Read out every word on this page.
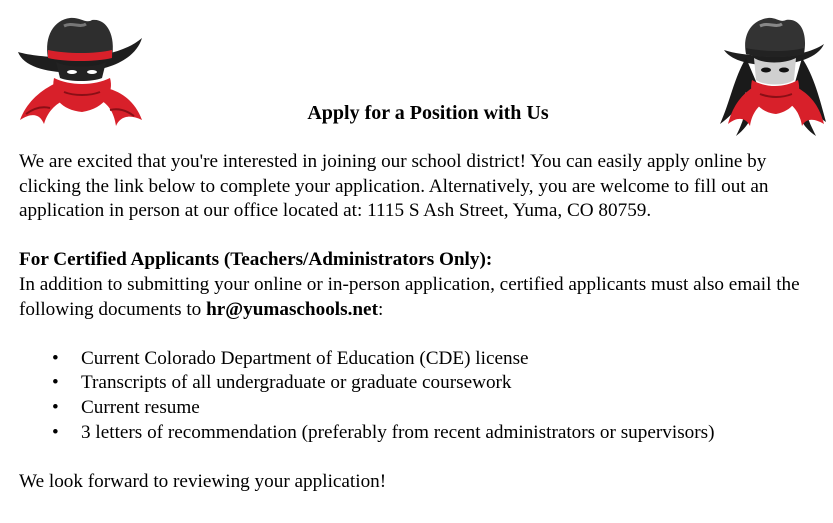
Apply for a Position with Us

We are excited that you're interested in joining our school district! You can easily apply online by clicking the link below to complete your application. Alternatively, you are welcome to fill out an application in person at our office located at: 1115 S Ash Street, Yuma, CO 80759.

For Certified Applicants (Teachers/Administrators Only):

In addition to submitting your online or in-person application, certified applicants must also email the following documents to hr@yumaschools.net:

• Current Colorado Department of Education (CDE) license
• Transcripts of all undergraduate or graduate coursework
• Current resume
• 3 letters of recommendation (preferably from recent administrators or supervisors)

We look forward to reviewing your application!
